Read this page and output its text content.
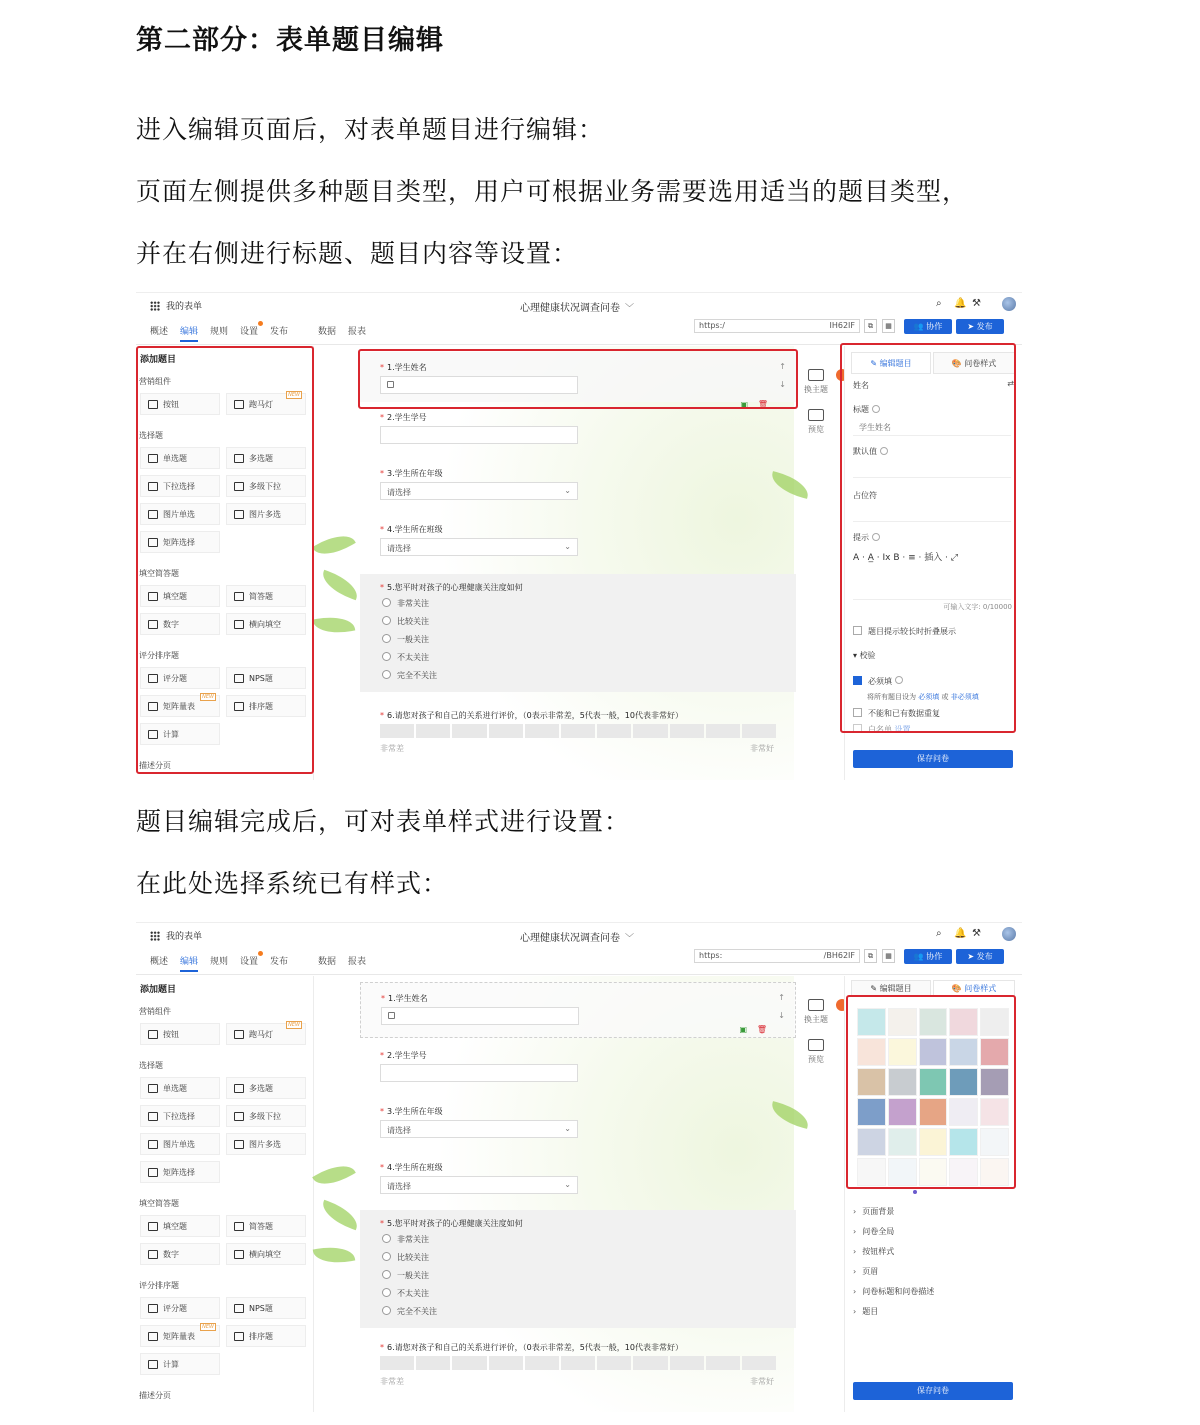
第二部分：表单题目编辑
进入编辑页面后，对表单题目进行编辑：
页面左侧提供多种题目类型，用户可根据业务需要选用适当的题目类型，
并在右侧进行标题、题目内容等设置：
题目编辑完成后，可对表单样式进行设置：
在此处选择系统已有样式：
我的表单	心理健康状况调查问卷 ﹀
概述 编辑 规则 设置 发布	数据 报表
https:/	IH62IF	⧉	▦	👥 协作	➤ 发布
⌕ 🔔 ⚒
添加题目
营销组件
按钮	跑马灯
NEW
选择题
单选题	多选题
下拉选择	多级下拉
图片单选	图片多选
矩阵选择
填空简答题
填空题	简答题
数字	横向填空
评分排序题
评分题	NPS题
矩阵量表
NEW
排序题
计算
描述分页
* 1.学生姓名	↑
↓
▣ 🗑
* 2.学生学号
* 3.学生所在年级
请选择	⌄
* 4.学生所在班级
请选择	⌄
* 5.您平时对孩子的心理健康关注度如何
非常关注
比较关注
一般关注
不太关注
完全不关注
* 6.请您对孩子和自己的关系进行评价，（0表示非常差，5代表一般，10代表非常好）
非常差	非常好
换主题
预览
✎ 编辑题目	🎨 问卷样式
姓名	⇄
标题
学生姓名
默认值
占位符
提示
A · A̲ · Ix B · ≡ · 插入 · ⤢
可输入文字: 0/10000
题目提示较长时折叠展示
▾ 校验
必须填
将所有题目设为 必须填 或 非必须填
不能和已有数据重复
白名单 设置
保存问卷
我的表单	心理健康状况调查问卷 ﹀
概述 编辑 规则 设置 发布	数据 报表
https:	/BH62IF	⧉	▦	👥 协作	➤ 发布
⌕ 🔔 ⚒
添加题目
营销组件
按钮	跑马灯
NEW
选择题
单选题	多选题
下拉选择	多级下拉
图片单选	图片多选
矩阵选择
填空简答题
填空题	简答题
数字	横向填空
评分排序题
评分题	NPS题
矩阵量表
NEW
排序题
计算
描述分页
* 1.学生姓名	↑
↓
▣ 🗑
* 2.学生学号
* 3.学生所在年级
请选择	⌄
* 4.学生所在班级
请选择	⌄
* 5.您平时对孩子的心理健康关注度如何
非常关注
比较关注
一般关注
不太关注
完全不关注
* 6.请您对孩子和自己的关系进行评价，（0表示非常差，5代表一般，10代表非常好）
非常差	非常好
换主题
预览
✎ 编辑题目	🎨 问卷样式
› 页面背景
› 问卷全局
› 按钮样式
› 页眉
› 问卷标题和问卷描述
› 题目
保存问卷
